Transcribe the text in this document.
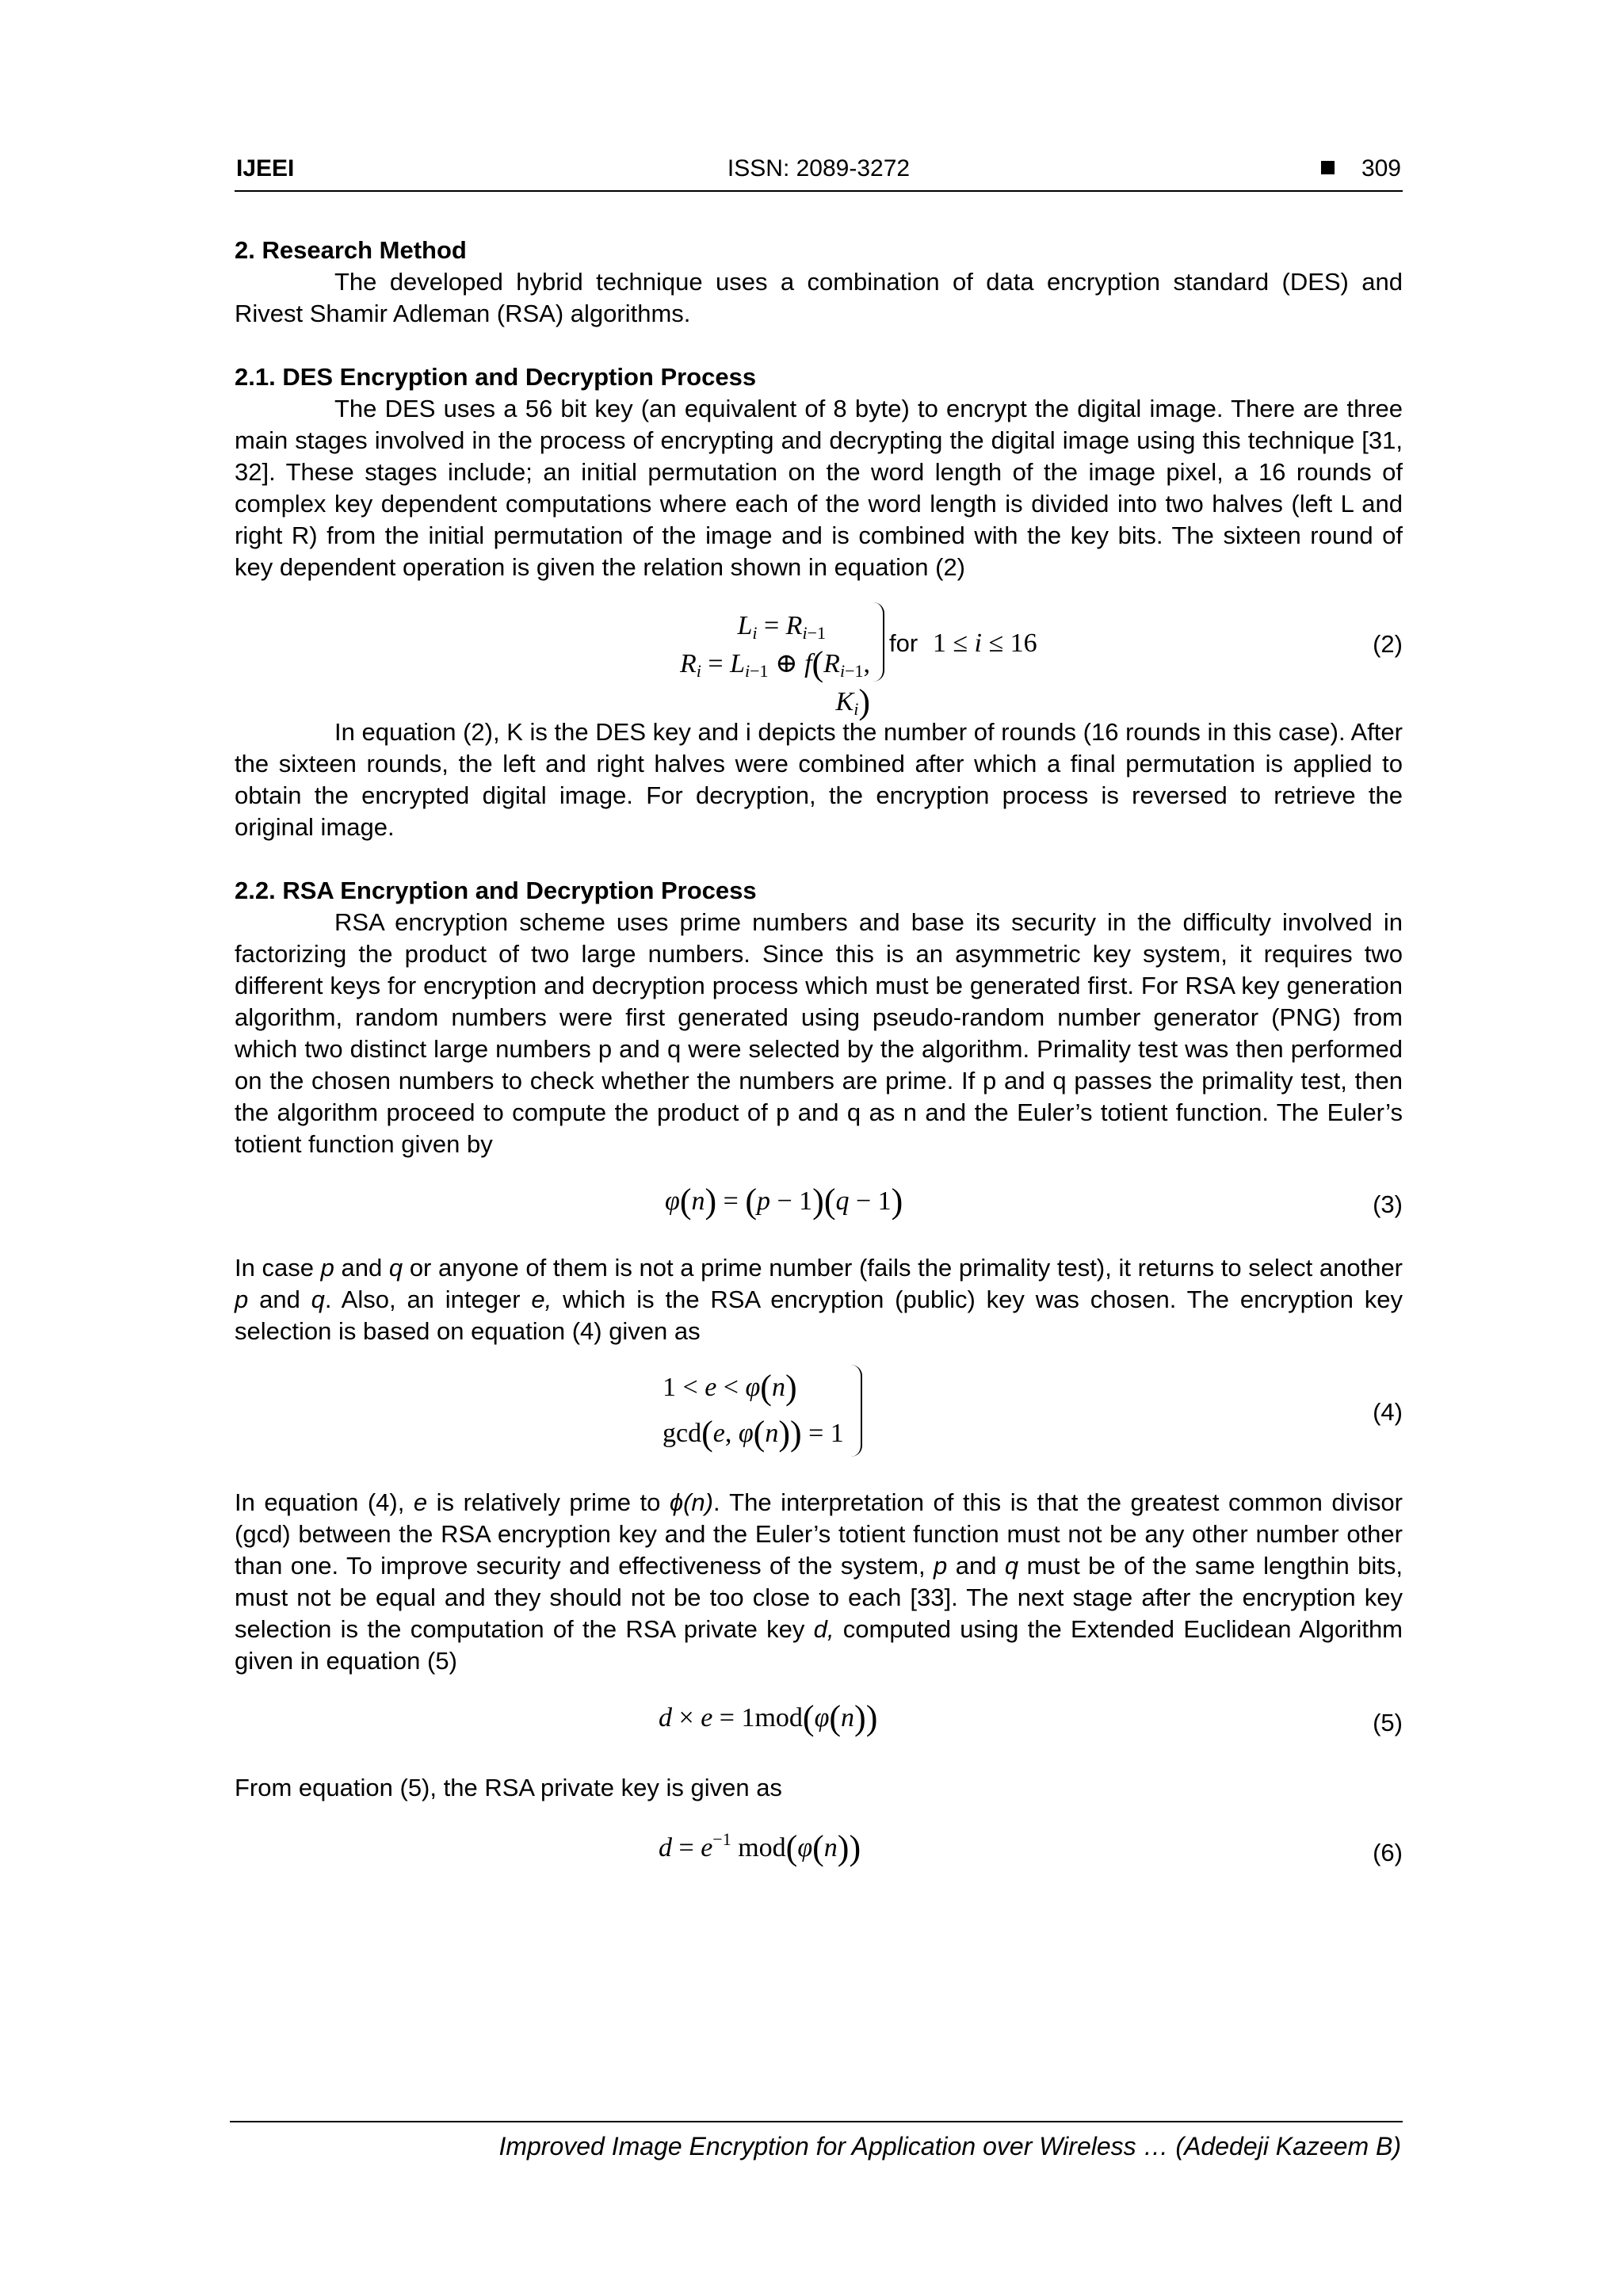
IJEEI	ISSN: 2089-3272	309
2. Research Method

The developed hybrid technique uses a combination of data encryption standard (DES) and Rivest Shamir Adleman (RSA) algorithms.

2.1. DES Encryption and Decryption Process

The DES uses a 56 bit key (an equivalent of 8 byte) to encrypt the digital image. There are three main stages involved in the process of encrypting and decrypting the digital image using this technique [31, 32]. These stages include; an initial permutation on the word length of the image pixel, a 16 rounds of complex key dependent computations where each of the word length is divided into two halves (left L and right R) from the initial permutation of the image and is combined with the key bits. The sixteen round of key dependent operation is given the relation shown in equation (2)

$L_i = R_{i-1}$
$R_i = L_{i-1}$ ⊕ $f(R_{i-1}$, $K_i$)
for 1 ≤ i ≤ 16	(2)

In equation (2), K is the DES key and i depicts the number of rounds (16 rounds in this case). After the sixteen rounds, the left and right halves were combined after which a final permutation is applied to obtain the encrypted digital image. For decryption, the encryption process is reversed to retrieve the original image.

2.2. RSA Encryption and Decryption Process

RSA encryption scheme uses prime numbers and base its security in the difficulty involved in factorizing the product of two large numbers. Since this is an asymmetric key system, it requires two different keys for encryption and decryption process which must be generated first. For RSA key generation algorithm, random numbers were first generated using pseudo-random number generator (PNG) from which two distinct large numbers p and q were selected by the algorithm. Primality test was then performed on the chosen numbers to check whether the numbers are prime. If p and q passes the primality test, then the algorithm proceed to compute the product of p and q as n and the Euler’s totient function. The Euler’s totient function given by

φ(n) = (p − 1)(q − 1)	(3)

In case p and q or anyone of them is not a prime number (fails the primality test), it returns to select another p and q. Also, an integer e, which is the RSA encryption (public) key was chosen. The encryption key selection is based on equation (4) given as

1 < e < φ(n)
gcd(e, φ(n)) = 1
(4)

In equation (4), e is relatively prime to ϕ(n). The interpretation of this is that the greatest common divisor (gcd) between the RSA encryption key and the Euler’s totient function must not be any other number other than one. To improve security and effectiveness of the system, p and q must be of the same lengthin bits, must not be equal and they should not be too close to each [33]. The next stage after the encryption key selection is the computation of the RSA private key d, computed using the Extended Euclidean Algorithm given in equation (5)

d × e = 1mod(φ(n))	(5)

From equation (5), the RSA private key is given as

$d = e^{-1}$ mod(φ(n))	(6)
Improved Image Encryption for Application over Wireless … (Adedeji Kazeem B)
